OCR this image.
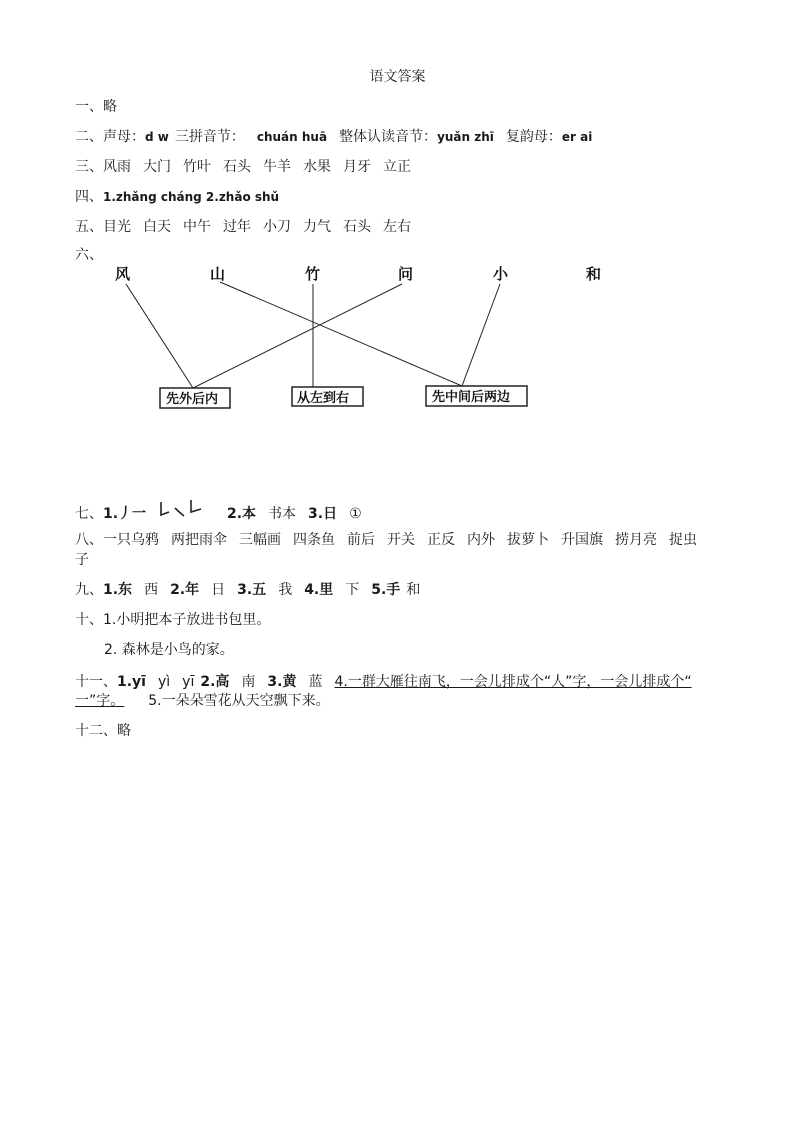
语文答案
一、略
二、声母：d w 三拼音节： chuán huā 整体认读音节：yuǎn zhī 复韵母：er ai
三、风雨 大门 竹叶 石头 牛羊 水果 月牙 立正
四、1.zhǎng cháng 2.zhǎo shǔ
五、目光 白天 中午 过年 小刀 力气 石头 左右
六、
风	山	竹	问	小	和
先外后内	从左到右	先中间后两边
七、1.丿一	2.本 书本 3.日 ①
八、一只乌鸦 两把雨伞 三幅画 四条鱼 前后 开关 正反 内外 拔萝卜 升国旗 捞月亮 捉虫
子
九、1.东 西 2.年 日 3.五 我 4.里 下 5.手 和
十、1.小明把本子放进书包里。
2. 森林是小鸟的家。
十一、1.yī yì yī 2.高 南 3.黄 蓝 4.一群大雁往南飞，一会儿排成个“人”字，一会儿排成个“
一”字。 5.一朵朵雪花从天空飘下来。
十二、略
